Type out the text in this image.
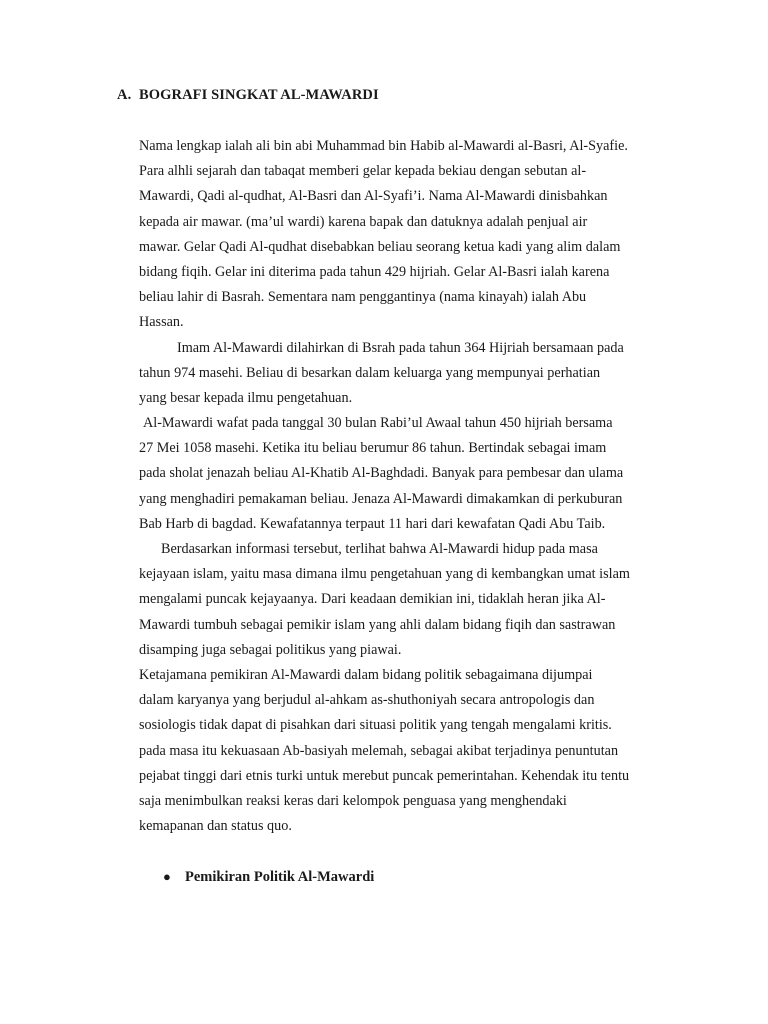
A. BOGRAFI SINGKAT AL-MAWARDI
Nama lengkap ialah ali bin abi Muhammad bin Habib al-Mawardi al-Basri, Al-Syafie.
Para alhli sejarah dan tabaqat memberi gelar kepada bekiau dengan sebutan al-
Mawardi, Qadi al-qudhat, Al-Basri dan Al-Syafi’i. Nama Al-Mawardi dinisbahkan
kepada air mawar. (ma’ul wardi) karena bapak dan datuknya adalah penjual air
mawar. Gelar Qadi Al-qudhat disebabkan beliau seorang ketua kadi yang alim dalam
bidang fiqih. Gelar ini diterima pada tahun 429 hijriah. Gelar Al-Basri ialah karena
beliau lahir di Basrah. Sementara nam penggantinya (nama kinayah) ialah Abu
Hassan.
Imam Al-Mawardi dilahirkan di Bsrah pada tahun 364 Hijriah bersamaan pada
tahun 974 masehi. Beliau di besarkan dalam keluarga yang mempunyai perhatian
yang besar kepada ilmu pengetahuan.
Al-Mawardi wafat pada tanggal 30 bulan Rabi’ul Awaal tahun 450 hijriah bersama
27 Mei 1058 masehi. Ketika itu beliau berumur 86 tahun. Bertindak sebagai imam
pada sholat jenazah beliau Al-Khatib Al-Baghdadi. Banyak para pembesar dan ulama
yang menghadiri pemakaman beliau. Jenaza Al-Mawardi dimakamkan di perkuburan
Bab Harb di bagdad. Kewafatannya terpaut 11 hari dari kewafatan Qadi Abu Taib.
Berdasarkan informasi tersebut, terlihat bahwa Al-Mawardi hidup pada masa
kejayaan islam, yaitu masa dimana ilmu pengetahuan yang di kembangkan umat islam
mengalami puncak kejayaanya. Dari keadaan demikian ini, tidaklah heran jika Al-
Mawardi tumbuh sebagai pemikir islam yang ahli dalam bidang fiqih dan sastrawan
disamping juga sebagai politikus yang piawai.
Ketajamana pemikiran Al-Mawardi dalam bidang politik sebagaimana dijumpai
dalam karyanya yang berjudul al-ahkam as-shuthoniyah secara antropologis dan
sosiologis tidak dapat di pisahkan dari situasi politik yang tengah mengalami kritis.
pada masa itu kekuasaan Ab-basiyah melemah, sebagai akibat terjadinya penuntutan
pejabat tinggi dari etnis turki untuk merebut puncak pemerintahan. Kehendak itu tentu
saja menimbulkan reaksi keras dari kelompok penguasa yang menghendaki
kemapanan dan status quo.
● Pemikiran Politik Al-Mawardi
